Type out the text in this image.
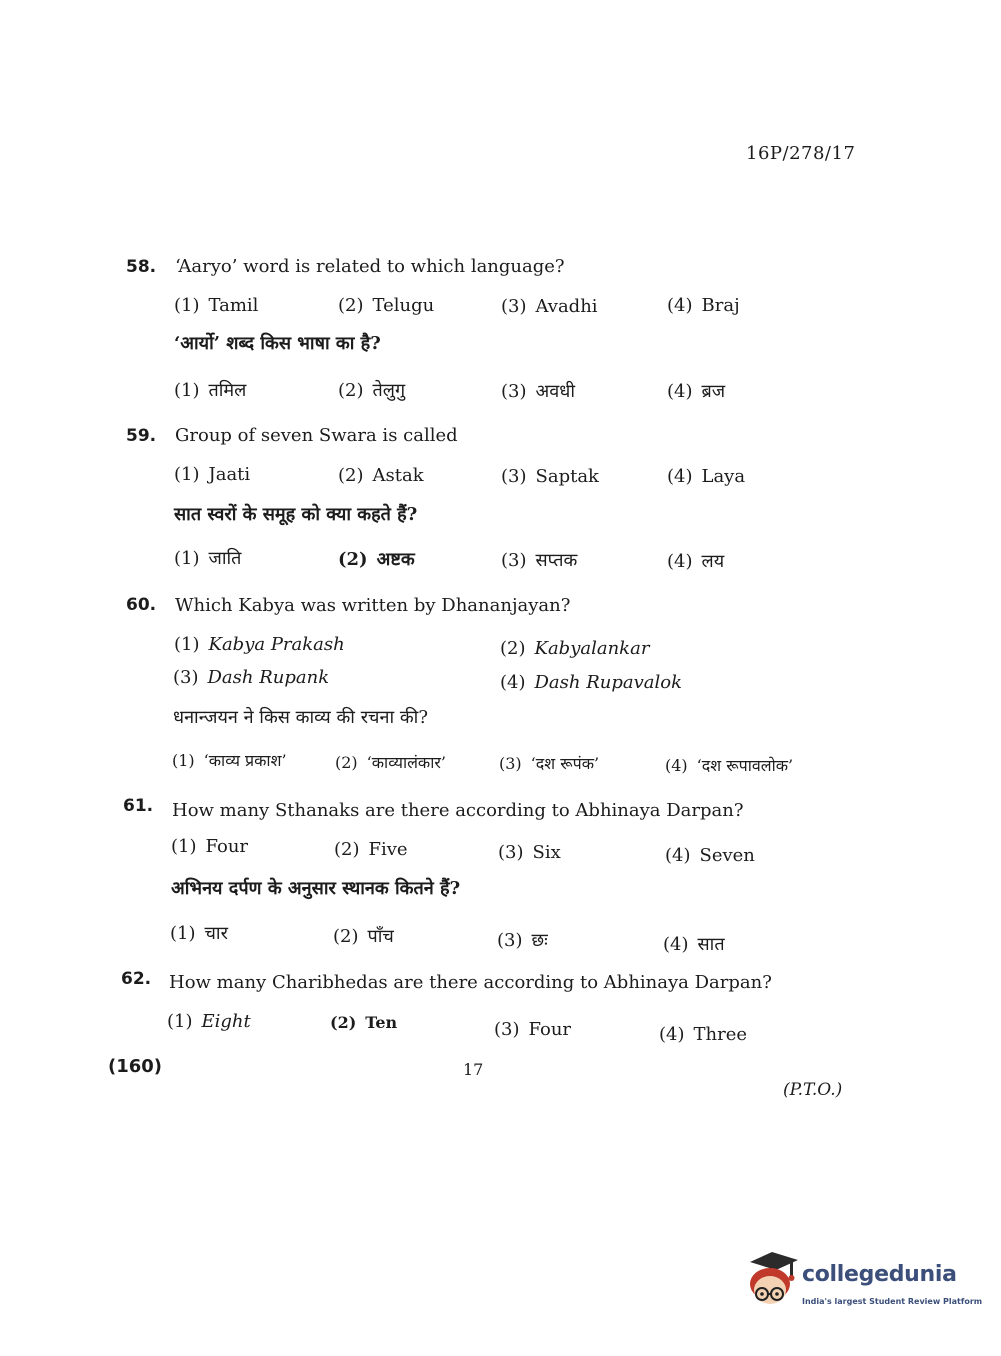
16P/278/17
58. ‘Aaryo’ word is related to which language?
(1) Tamil	(2) Telugu	(3) Avadhi	(4) Braj
‘आर्यो’ शब्द किस भाषा का है?
(1) तमिल	(2) तेलुगु	(3) अवधी	(4) ब्रज
59. Group of seven Swara is called
(1) Jaati	(2) Astak	(3) Saptak	(4) Laya
सात स्वरों के समूह को क्या कहते हैं?
(1) जाति	(2) अष्टक	(3) सप्तक	(4) लय
60. Which Kabya was written by Dhananjayan?
(1) Kabya Prakash	(2) Kabyalankar
(3) Dash Rupank	(4) Dash Rupavalok
धनान्जयन ने किस काव्य की रचना की?
(1) ‘काव्य प्रकाश’	(2) ‘काव्यालंकार’	(3) ‘दश रूपंक’	(4) ‘दश रूपावलोक’
61. How many Sthanaks are there according to Abhinaya Darpan?
(1) Four	(2) Five	(3) Six	(4) Seven
अभिनय दर्पण के अनुसार स्थानक कितने हैं?
(1) चार	(2) पाँच	(3) छः	(4) सात
62. How many Charibhedas are there according to Abhinaya Darpan?
(1) Eight	(2) Ten	(3) Four	(4) Three
(160)	17
(P.T.O.)
collegedunia
India's largest Student Review Platform
